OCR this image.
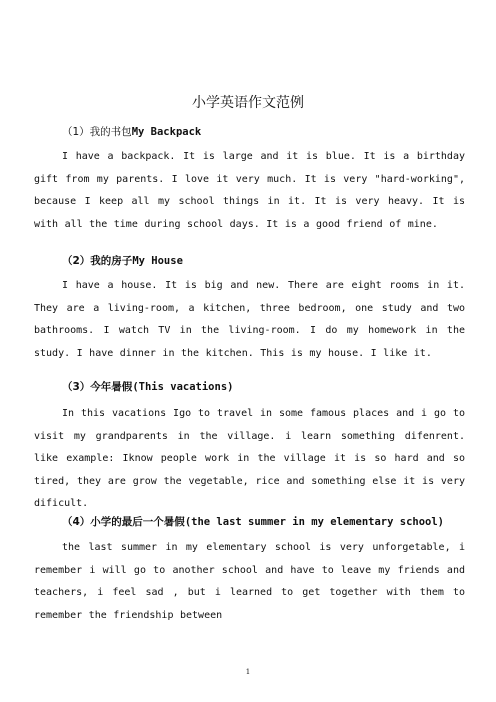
小学英语作文范例
（1）我的书包My Backpack
I have a backpack. It is large and it is blue. It is a birthday gift from my parents. I love it very much. It is very "hard-working", because I keep all my school things in it. It is very heavy. It is with all the time during school days. It is a good friend of mine.
（2）我的房子My House
I have a house. It is big and new. There are eight rooms in it. They are a living-room, a kitchen, three bedroom, one study and two bathrooms. I watch TV in the living-room. I do my homework in the study. I have dinner in the kitchen. This is my house. I like it.
（3）今年暑假(This vacations)
In this vacations Igo to travel in some famous places and i go to visit my grandparents in the village. i learn something difenrent. like example: Iknow people work in the village it is so hard and so tired, they are grow the vegetable, rice and something else it is very dificult.
（4）小学的最后一个暑假(the last summer in my elementary school)
the last summer in my elementary school is very unforgetable, i remember i will go to another school and have to leave my friends and teachers, i feel sad , but i learned to get together with them to remember the friendship between
1
